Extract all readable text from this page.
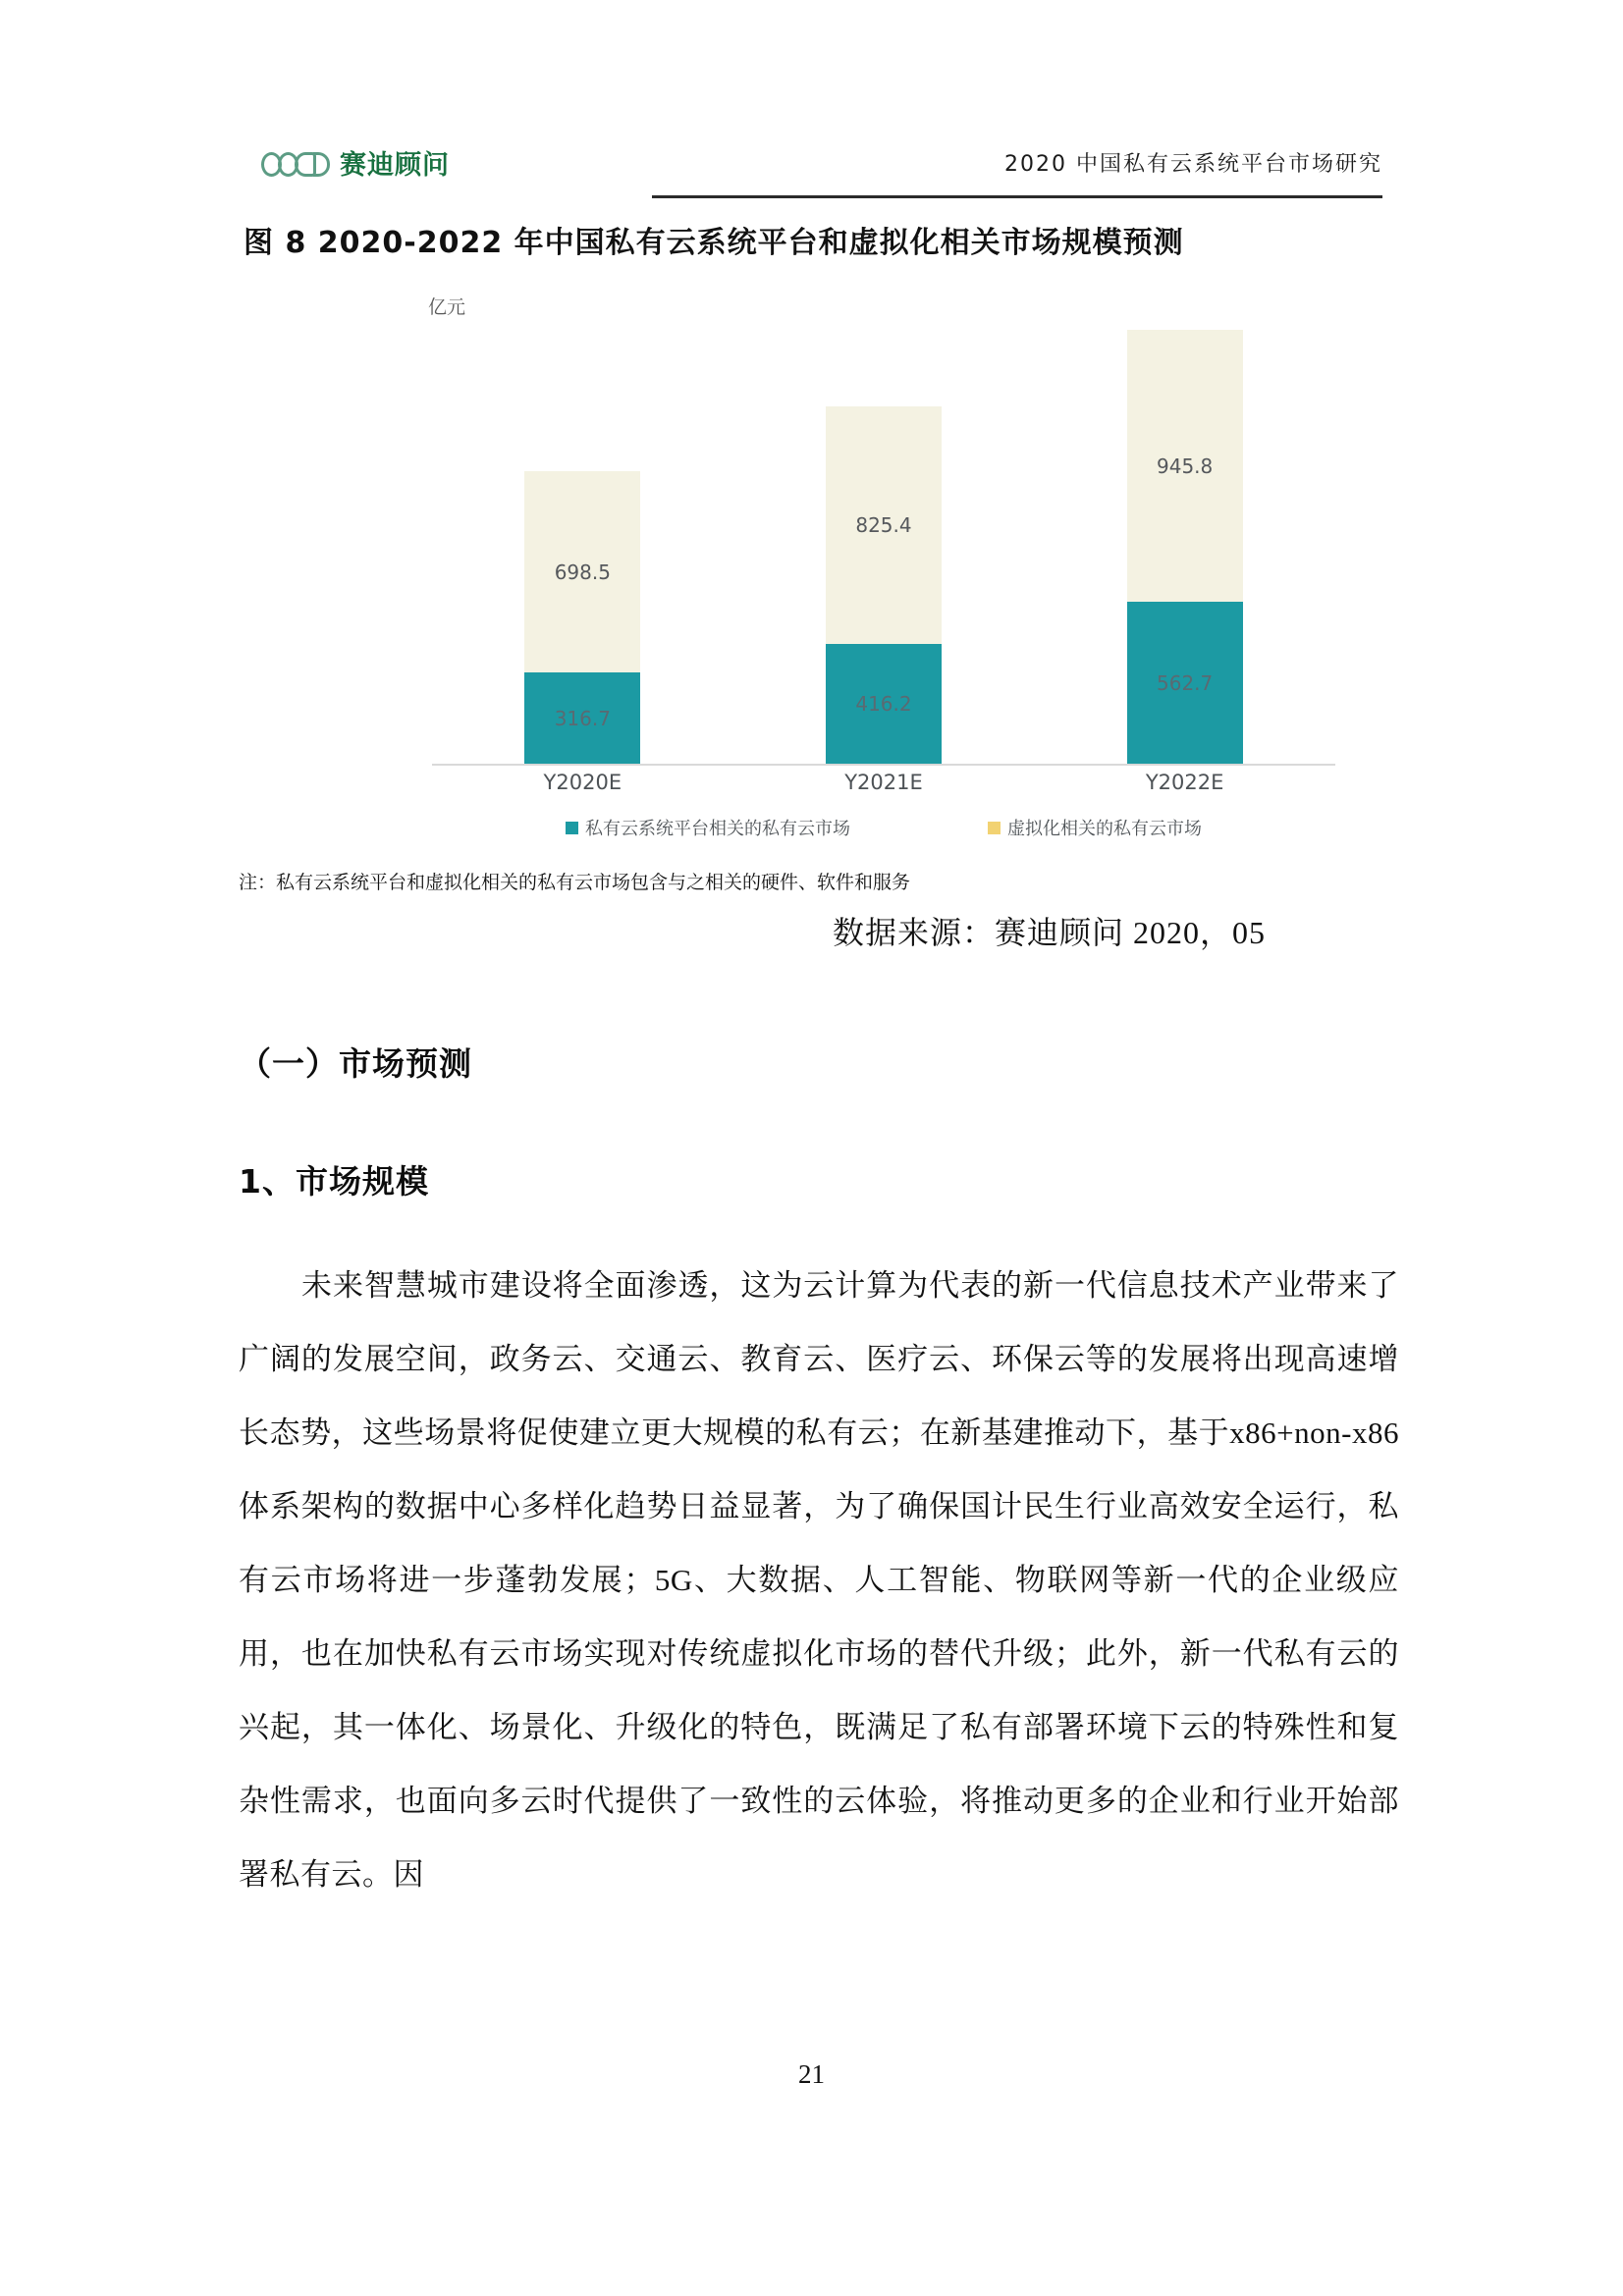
赛迪顾问	2020 中国私有云系统平台市场研究
图 8 2020-2022 年中国私有云系统平台和虚拟化相关市场规模预测
亿元
698.5
316.7
825.4
416.2
945.8
562.7
Y2020E	Y2021E	Y2022E
私有云系统平台相关的私有云市场	虚拟化相关的私有云市场
注：私有云系统平台和虚拟化相关的私有云市场包含与之相关的硬件、软件和服务
数据来源：赛迪顾问 2020，05
（一）市场预测
1、市场规模
未来智慧城市建设将全面渗透，这为云计算为代表的新一代信息技术产业带来了广阔的发展空间，政务云、交通云、教育云、医疗云、环保云等的发展将出现高速增长态势，这些场景将促使建立更大规模的私有云；在新基建推动下，基于x86+non-x86体系架构的数据中心多样化趋势日益显著，为了确保国计民生行业高效安全运行，私有云市场将进一步蓬勃发展；5G、大数据、人工智能、物联网等新一代的企业级应用，也在加快私有云市场实现对传统虚拟化市场的替代升级；此外，新一代私有云的兴起，其一体化、场景化、升级化的特色，既满足了私有部署环境下云的特殊性和复杂性需求，也面向多云时代提供了一致性的云体验，将推动更多的企业和行业开始部署私有云。因
21
